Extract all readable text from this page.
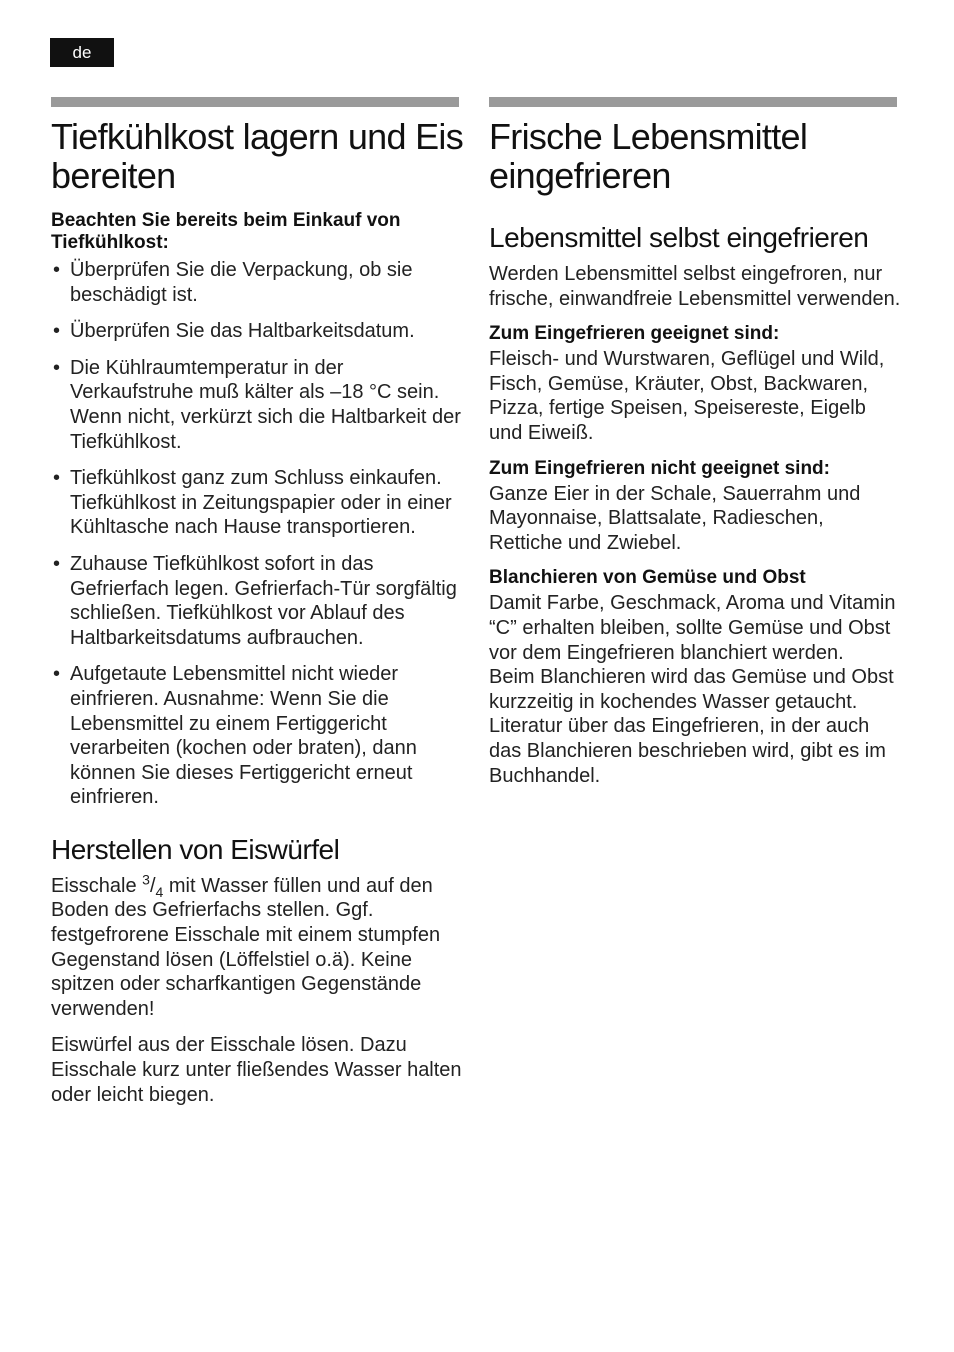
de
Tiefkühlkost lagern und Eis bereiten
Beachten Sie bereits beim Einkauf von Tiefkühlkost:
• Überprüfen Sie die Verpackung, ob sie beschädigt ist.
• Überprüfen Sie das Haltbarkeitsdatum.
• Die Kühlraumtemperatur in der Verkaufstruhe muß kälter als –18 °C sein. Wenn nicht, verkürzt sich die Haltbarkeit der Tiefkühlkost.
• Tiefkühlkost ganz zum Schluss einkaufen. Tiefkühlkost in Zeitungspapier oder in einer Kühltasche nach Hause transportieren.
• Zuhause Tiefkühlkost sofort in das Gefrierfach legen. Gefrierfach-Tür sorgfältig schließen. Tiefkühlkost vor Ablauf des Haltbarkeitsdatums aufbrauchen.
• Aufgetaute Lebensmittel nicht wieder einfrieren. Ausnahme: Wenn Sie die Lebensmittel zu einem Fertiggericht verarbeiten (kochen oder braten), dann können Sie dieses Fertiggericht erneut einfrieren.
Herstellen von Eiswürfel

Eisschale $^3/_4$ mit Wasser füllen und auf den Boden des Gefrierfachs stellen. Ggf. festgefrorene Eisschale mit einem stumpfen Gegenstand lösen (Löffelstiel o.ä). Keine spitzen oder scharfkantigen Gegenstände verwenden!

Eiswürfel aus der Eisschale lösen. Dazu Eisschale kurz unter fließendes Wasser halten oder leicht biegen.

Frische Lebensmittel eingefrieren
Lebensmittel selbst eingefrieren

Werden Lebensmittel selbst eingefroren, nur frische, einwandfreie Lebensmittel verwenden.

Zum Eingefrieren geeignet sind:

Fleisch- und Wurstwaren, Geflügel und Wild, Fisch, Gemüse, Kräuter, Obst, Backwaren, Pizza, fertige Speisen, Speisereste, Eigelb und Eiweiß.

Zum Eingefrieren nicht geeignet sind:

Ganze Eier in der Schale, Sauerrahm und Mayonnaise, Blattsalate, Radieschen, Rettiche und Zwiebel.

Blanchieren von Gemüse und Obst

Damit Farbe, Geschmack, Aroma und Vitamin “C” erhalten bleiben, sollte Gemüse und Obst vor dem Eingefrieren blanchiert werden.

Beim Blanchieren wird das Gemüse und Obst kurzzeitig in kochendes Wasser getaucht.

Literatur über das Eingefrieren, in der auch das Blanchieren beschrieben wird, gibt es im Buchhandel.
